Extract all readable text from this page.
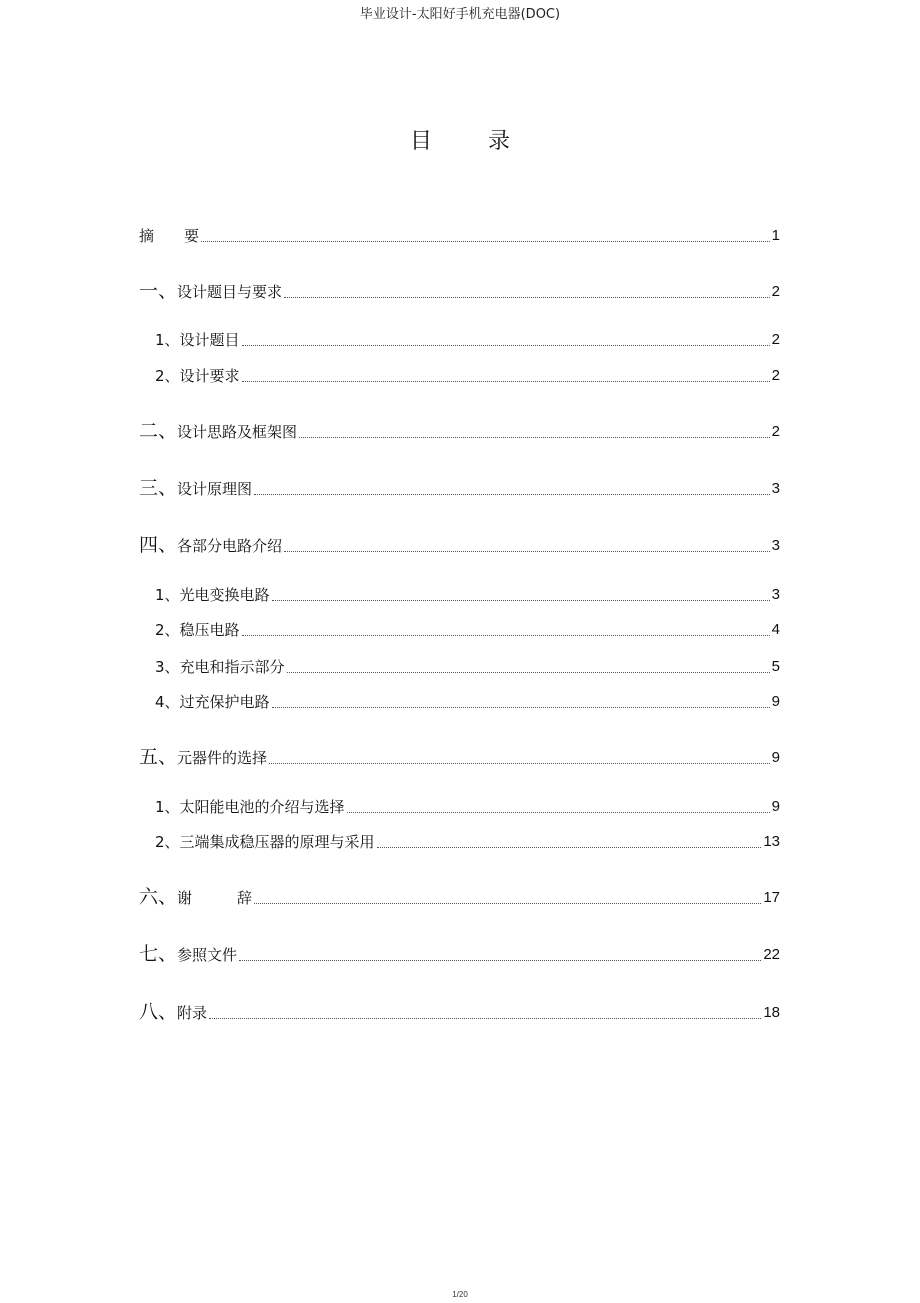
毕业设计-太阳好手机充电器(DOC)
目	录
摘　　要	1
一、设计题目与要求	2
1、设计题目	2
2、设计要求	2
二、设计思路及框架图	2
三、设计原理图	3
四、各部分电路介绍	3
1、光电变换电路	3
2、稳压电路	4
3、充电和指示部分	5
4、过充保护电路	9
五、元器件的选择	9
1、太阳能电池的介绍与选择	9
2、三端集成稳压器的原理与采用	13
六、谢　　　辞	17
七、参照文件	22
八、附录	18
1/20
